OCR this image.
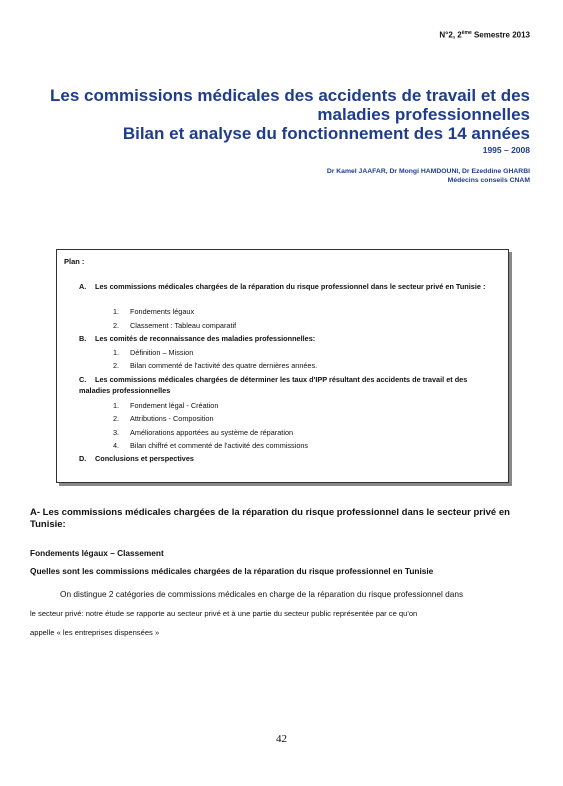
N°2, 2ème Semestre 2013
Les commissions médicales des accidents de travail et des
maladies professionnelles
Bilan et analyse du fonctionnement des 14 années
1995 – 2008
Dr Kamel JAAFAR, Dr Mongi HAMDOUNI, Dr Ezeddine GHARBI
Médecins conseils CNAM
Plan :
A. Les commissions médicales chargées de la réparation du risque professionnel dans le secteur privé en Tunisie :
1. Fondements légaux
2. Classement : Tableau comparatif
B. Les comités de reconnaissance des maladies professionnelles:
1. Définition – Mission
2. Bilan commenté de l'activité des quatre dernières années.
C. Les commissions médicales chargées de déterminer les taux d'IPP résultant des accidents de travail et des maladies professionnelles
1. Fondement légal - Création
2. Attributions - Composition
3. Améliorations apportées au système de réparation
4. Bilan chiffré et commenté de l'activité des commissions
D. Conclusions et perspectives
A- Les commissions médicales chargées de la réparation du risque professionnel dans le secteur privé en Tunisie:
Fondements légaux – Classement
Quelles sont les commissions médicales chargées de la réparation du risque professionnel en Tunisie
On distingue 2 catégories de commissions médicales en charge de la réparation du risque professionnel dans
le secteur privé: notre étude se rapporte au secteur privé et à une partie du secteur public représentée par ce qu'on
appelle « les entreprises dispensées »
42
